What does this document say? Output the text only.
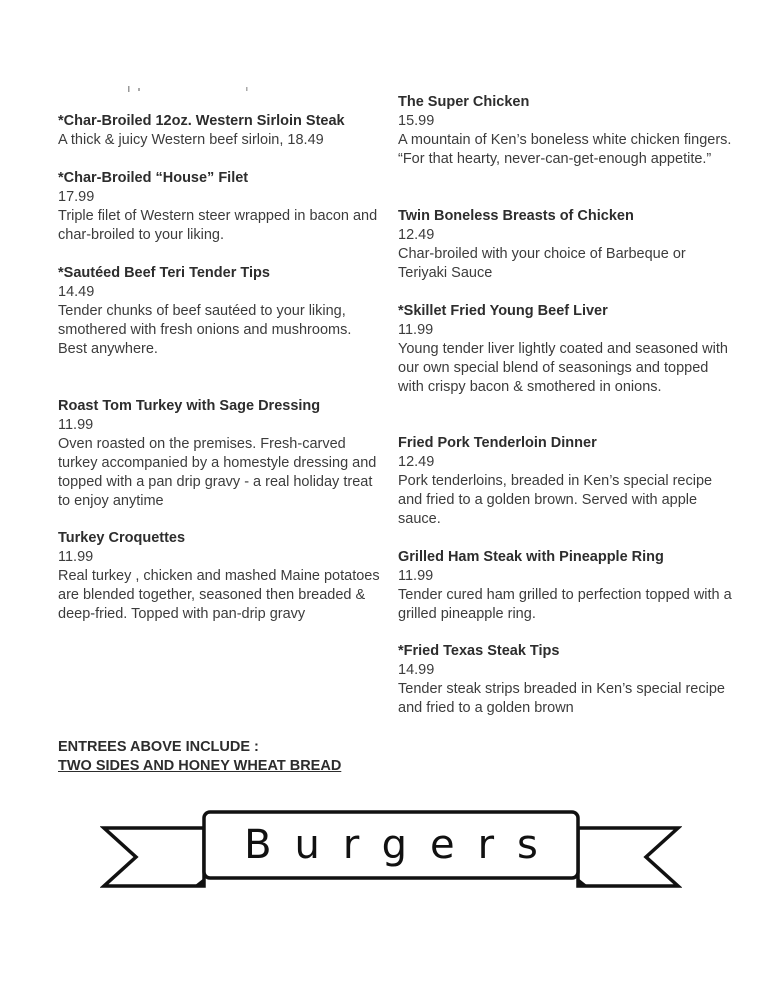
*Char-Broiled 12oz. Western Sirloin Steak
A thick & juicy Western beef sirloin, 18.49
*Char-Broiled “House” Filet
17.99
Triple filet of Western steer wrapped in bacon and char-broiled to your liking.
*Sautéed Beef Teri Tender Tips
14.49
Tender chunks of beef sautéed to your liking, smothered with fresh onions and mushrooms. Best anywhere.
Roast Tom Turkey with Sage Dressing
11.99
Oven roasted on the premises. Fresh-carved turkey accompanied by a homestyle dressing and topped with a pan drip gravy - a real holiday treat to enjoy anytime
Turkey Croquettes
11.99
Real turkey , chicken and mashed Maine potatoes are blended together, seasoned then breaded & deep-fried. Topped with pan-drip gravy
The Super Chicken
15.99
A mountain of Ken’s boneless white chicken fingers. “For that hearty, never-can-get-enough appetite.”
Twin Boneless Breasts of Chicken
12.49
Char-broiled with your choice of Barbeque or Teriyaki Sauce
*Skillet Fried Young Beef Liver
11.99
Young tender liver lightly coated and seasoned with our own special blend of seasonings and topped with crispy bacon & smothered in onions.
Fried Pork Tenderloin Dinner
12.49
Pork tenderloins, breaded in Ken’s special recipe and fried to a golden brown. Served with apple sauce.
Grilled Ham Steak with Pineapple Ring
11.99
Tender cured ham grilled to perfection topped with a grilled pineapple ring.
*Fried Texas Steak Tips
14.99
Tender steak strips breaded in Ken’s special recipe and fried to a golden brown
ENTREES ABOVE INCLUDE :
TWO SIDES AND HONEY WHEAT BREAD
Burgers
